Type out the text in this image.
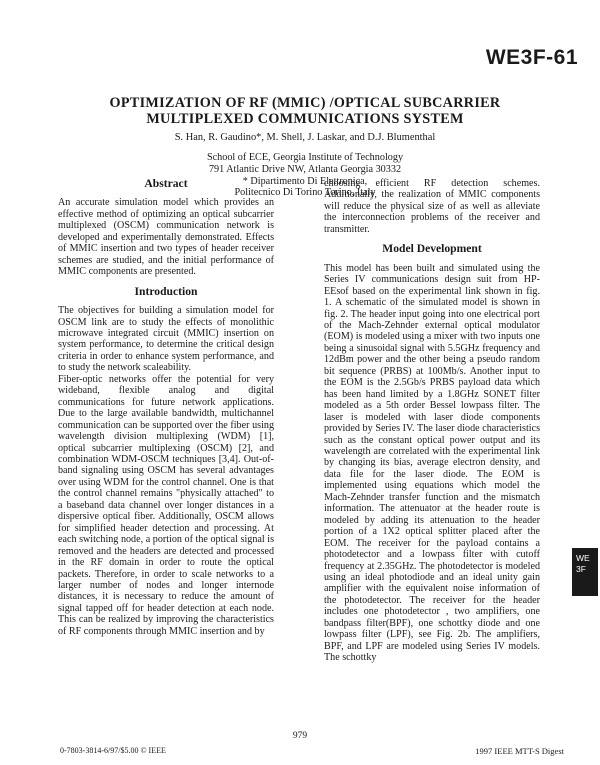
WE3F-61
OPTIMIZATION OF RF (MMIC) /OPTICAL SUBCARRIER
MULTIPLEXED COMMUNICATIONS SYSTEM
S. Han, R. Gaudino*, M. Shell, J. Laskar, and D.J. Blumenthal
School of ECE, Georgia Institute of Technology
791 Atlantic Drive NW, Atlanta Georgia 30332
* Dipartimento Di Elettronica,
Politecnico Di Torino Torino, Italy
Abstract

An accurate simulation model which provides an effective method of optimizing an optical subcarrier multiplexed (OSCM) communication network is developed and experimentally demonstrated. Effects of MMIC insertion and two types of header receiver schemes are studied, and the initial performance of MMIC components are presented.

Introduction

The objectives for building a simulation model for OSCM link are to study the effects of monolithic microwave integrated circuit (MMIC) insertion on system performance, to determine the critical design criteria in order to enhance system performance, and to study the network scaleability.

Fiber-optic networks offer the potential for very wideband, flexible analog and digital communications for future network applications. Due to the large available bandwidth, multichannel communication can be supported over the fiber using wavelength division multiplexing (WDM) [1], optical subcarrier multiplexing (OSCM) [2], and combination WDM-OSCM techniques [3,4]. Out-of-band signaling using OSCM has several advantages over using WDM for the control channel. One is that the control channel remains "physically attached" to a baseband data channel over longer distances in a dispersive optical fiber. Additionally, OSCM allows for simplified header detection and processing. At each switching node, a portion of the optical signal is removed and the headers are detected and processed in the RF domain in order to route the optical packets. Therefore, in order to scale networks to a larger number of nodes and longer internode distances, it is necessary to reduce the amount of signal tapped off for header detection at each node. This can be realized by improving the characteristics of RF components through MMIC insertion and by

choosing efficient RF detection schemes. Additionally, the realization of MMIC components will reduce the physical size of as well as alleviate the interconnection problems of the receiver and transmitter.

Model Development

This model has been built and simulated using the Series IV communications design suit from HP-EEsof based on the experimental link shown in fig. 1. A schematic of the simulated model is shown in fig. 2. The header input going into one electrical port of the Mach-Zehnder external optical modulator (EOM) is modeled using a mixer with two inputs one being a sinusoidal signal with 5.5GHz frequency and 12dBm power and the other being a pseudo random bit sequence (PRBS) at 100Mb/s. Another input to the EOM is the 2.5Gb/s PRBS payload data which has been hand limited by a 1.8GHz SONET filter modeled as a 5th order Bessel lowpass filter. The laser is modeled with laser diode components provided by Series IV. The laser diode characteristics such as the constant optical power output and its wavelength are correlated with the experimental link by changing its bias, average electron density, and data file for the laser diode. The EOM is implemented using equations which model the Mach-Zehnder transfer function and the mismatch information. The attenuator at the header route is modeled by adding its attenuation to the header portion of a 1X2 optical splitter placed after the EOM. The receiver for the payload contains a photodetector and a lowpass filter with cutoff frequency at 2.35GHz. The photodetector is modeled using an ideal photodiode and an ideal unity gain amplifier with the equivalent noise information of the photodetector. The receiver for the header includes one photodetector , two amplifiers, one bandpass filter(BPF), one schottky diode and one lowpass filter (LPF), see Fig. 2b. The amplifiers, BPF, and LPF are modeled using Series IV models. The schottky

WE
3F
979
0-7803-3814-6/97/$5.00 © IEEE	1997 IEEE MTT-S Digest
